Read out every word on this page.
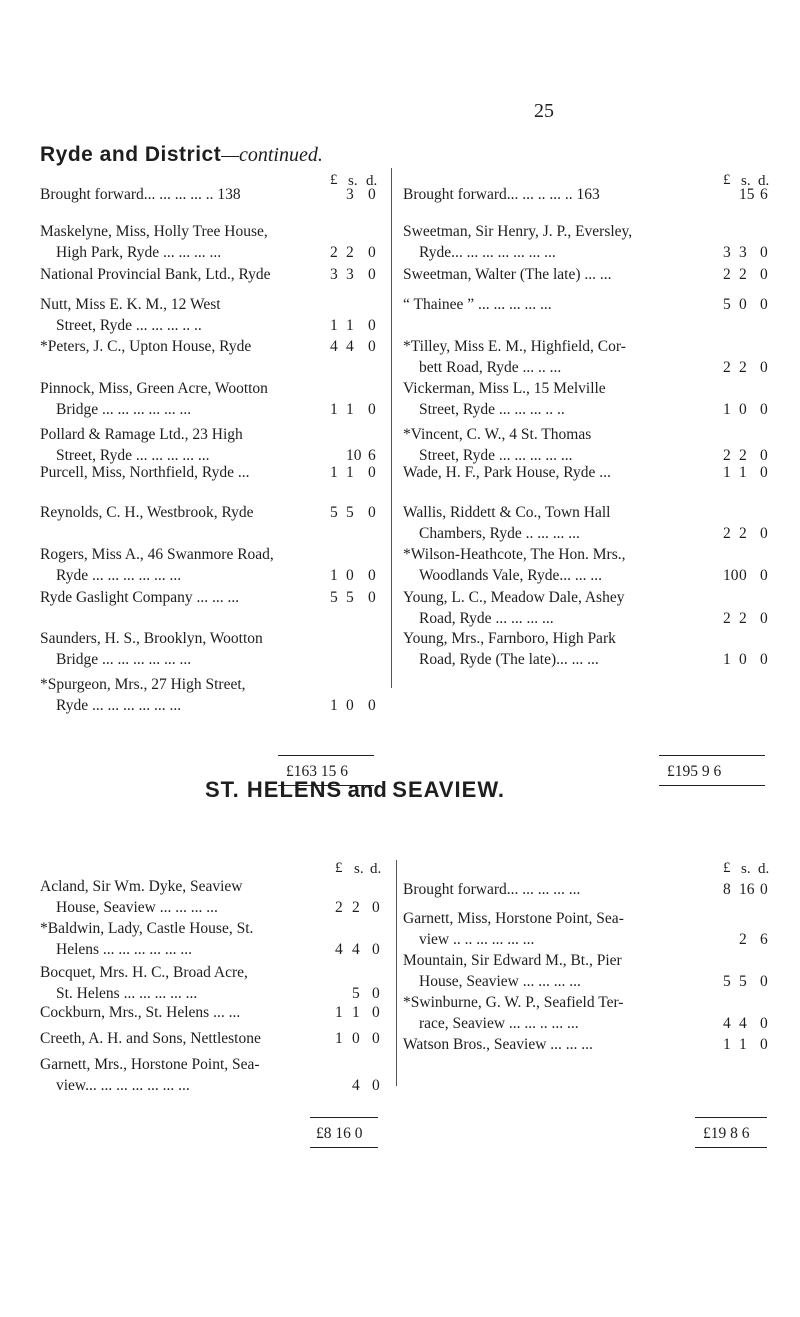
25
Ryde and District—continued.
£ s. d.
Brought forward... ... ... ... .. 138	3 0
Maskelyne, Miss, Holly Tree House,
High Park, Ryde ... ... ... ...	2 2 0
National Provincial Bank, Ltd., Ryde	3 3 0
Nutt, Miss E. K. M., 12 West
Street, Ryde ... ... ... .. ..	1 1 0
*Peters, J. C., Upton House, Ryde	4 4 0
Pinnock, Miss, Green Acre, Wootton
Bridge ... ... ... ... ... ...	1 1 0
Pollard & Ramage Ltd., 23 High
Street, Ryde ... ... ... ... ...	10 6
Purcell, Miss, Northfield, Ryde ...	1 1 0
Reynolds, C. H., Westbrook, Ryde	5 5 0
Rogers, Miss A., 46 Swanmore Road,
Ryde ... ... ... ... ... ...	1 0 0
Ryde Gaslight Company ... ... ...	5 5 0
Saunders, H. S., Brooklyn, Wootton
Bridge ... ... ... ... ... ...
*Spurgeon, Mrs., 27 High Street,
Ryde ... ... ... ... ... ...	1 0 0
£163 15 6
£ s. d.
Brought forward... ... .. ... .. 163	15 6
Sweetman, Sir Henry, J. P., Eversley,
Ryde... ... ... ... ... ... ...	3 3 0
Sweetman, Walter (The late) ... ...	2 2 0
“ Thainee ” ... ... ... ... ...	5 0 0
*Tilley, Miss E. M., Highfield, Cor-
bett Road, Ryde ... .. ...	2 2 0
Vickerman, Miss L., 15 Melville
Street, Ryde ... ... ... .. ..	1 0 0
*Vincent, C. W., 4 St. Thomas
Street, Ryde ... ... ... ... ...	2 2 0
Wade, H. F., Park House, Ryde ...	1 1 0
Wallis, Riddett & Co., Town Hall
Chambers, Ryde .. ... ... ...	2 2 0
*Wilson-Heathcote, The Hon. Mrs.,
Woodlands Vale, Ryde... ... ...	10 0 0
Young, L. C., Meadow Dale, Ashey
Road, Ryde ... ... ... ...	2 2 0
Young, Mrs., Farnboro, High Park
Road, Ryde (The late)... ... ...	1 0 0
£195 9 6
ST. HELENS and SEAVIEW.
£ s. d.
Acland, Sir Wm. Dyke, Seaview
House, Seaview ... ... ... ...	2 2 0
*Baldwin, Lady, Castle House, St.
Helens ... ... ... ... ... ...	4 4 0
Bocquet, Mrs. H. C., Broad Acre,
St. Helens ... ... ... ... ...	5 0
Cockburn, Mrs., St. Helens ... ...	1 1 0
Creeth, A. H. and Sons, Nettlestone	1 0 0
Garnett, Mrs., Horstone Point, Sea-
view... ... ... ... ... ... ...	4 0
£8 16 0
£ s. d.
Brought forward... ... ... ... ...	8 16 0
Garnett, Miss, Horstone Point, Sea-
view .. .. ... ... ... ...	2 6
Mountain, Sir Edward M., Bt., Pier
House, Seaview ... ... ... ...	5 5 0
*Swinburne, G. W. P., Seafield Ter-
race, Seaview ... ... .. ... ...	4 4 0
Watson Bros., Seaview ... ... ...	1 1 0
£19 8 6
